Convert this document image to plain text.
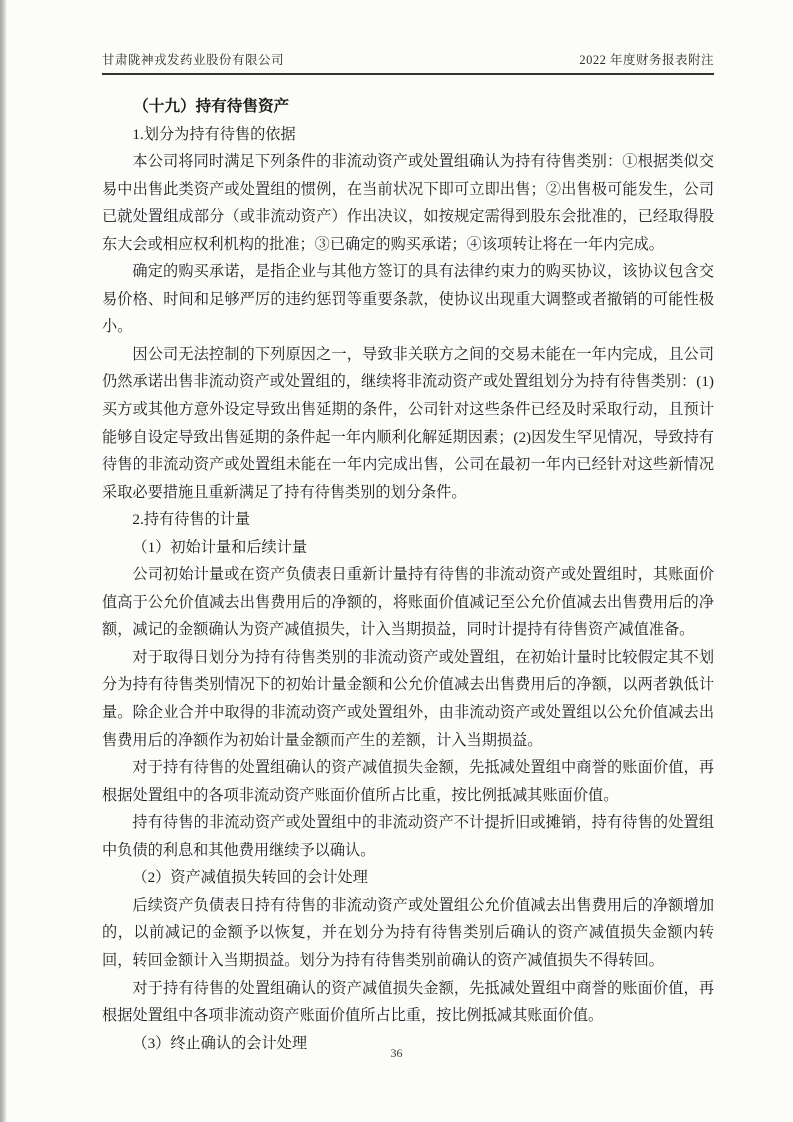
甘肃陇神戎发药业股份有限公司	2022 年度财务报表附注

（十九）持有待售资产

1.划分为持有待售的依据

本公司将同时满足下列条件的非流动资产或处置组确认为持有待售类别：①根据类似交易中出售此类资产或处置组的惯例，在当前状况下即可立即出售；②出售极可能发生，公司已就处置组成部分（或非流动资产）作出决议，如按规定需得到股东会批准的，已经取得股东大会或相应权利机构的批准；③已确定的购买承诺；④该项转让将在一年内完成。

确定的购买承诺，是指企业与其他方签订的具有法律约束力的购买协议，该协议包含交易价格、时间和足够严厉的违约惩罚等重要条款，使协议出现重大调整或者撤销的可能性极小。

因公司无法控制的下列原因之一，导致非关联方之间的交易未能在一年内完成，且公司仍然承诺出售非流动资产或处置组的，继续将非流动资产或处置组划分为持有待售类别：(1)买方或其他方意外设定导致出售延期的条件，公司针对这些条件已经及时采取行动，且预计能够自设定导致出售延期的条件起一年内顺利化解延期因素；(2)因发生罕见情况，导致持有待售的非流动资产或处置组未能在一年内完成出售，公司在最初一年内已经针对这些新情况采取必要措施且重新满足了持有待售类别的划分条件。

2.持有待售的计量

（1）初始计量和后续计量

公司初始计量或在资产负债表日重新计量持有待售的非流动资产或处置组时，其账面价值高于公允价值减去出售费用后的净额的，将账面价值减记至公允价值减去出售费用后的净额，减记的金额确认为资产减值损失，计入当期损益，同时计提持有待售资产减值准备。

对于取得日划分为持有待售类别的非流动资产或处置组，在初始计量时比较假定其不划分为持有待售类别情况下的初始计量金额和公允价值减去出售费用后的净额，以两者孰低计量。除企业合并中取得的非流动资产或处置组外，由非流动资产或处置组以公允价值减去出售费用后的净额作为初始计量金额而产生的差额，计入当期损益。

对于持有待售的处置组确认的资产减值损失金额，先抵减处置组中商誉的账面价值，再根据处置组中的各项非流动资产账面价值所占比重，按比例抵减其账面价值。

持有待售的非流动资产或处置组中的非流动资产不计提折旧或摊销，持有待售的处置组中负债的利息和其他费用继续予以确认。

（2）资产减值损失转回的会计处理

后续资产负债表日持有待售的非流动资产或处置组公允价值减去出售费用后的净额增加的，以前减记的金额予以恢复，并在划分为持有待售类别后确认的资产减值损失金额内转回，转回金额计入当期损益。划分为持有待售类别前确认的资产减值损失不得转回。

对于持有待售的处置组确认的资产减值损失金额，先抵减处置组中商誉的账面价值，再根据处置组中各项非流动资产账面价值所占比重，按比例抵减其账面价值。

（3）终止确认的会计处理

36
